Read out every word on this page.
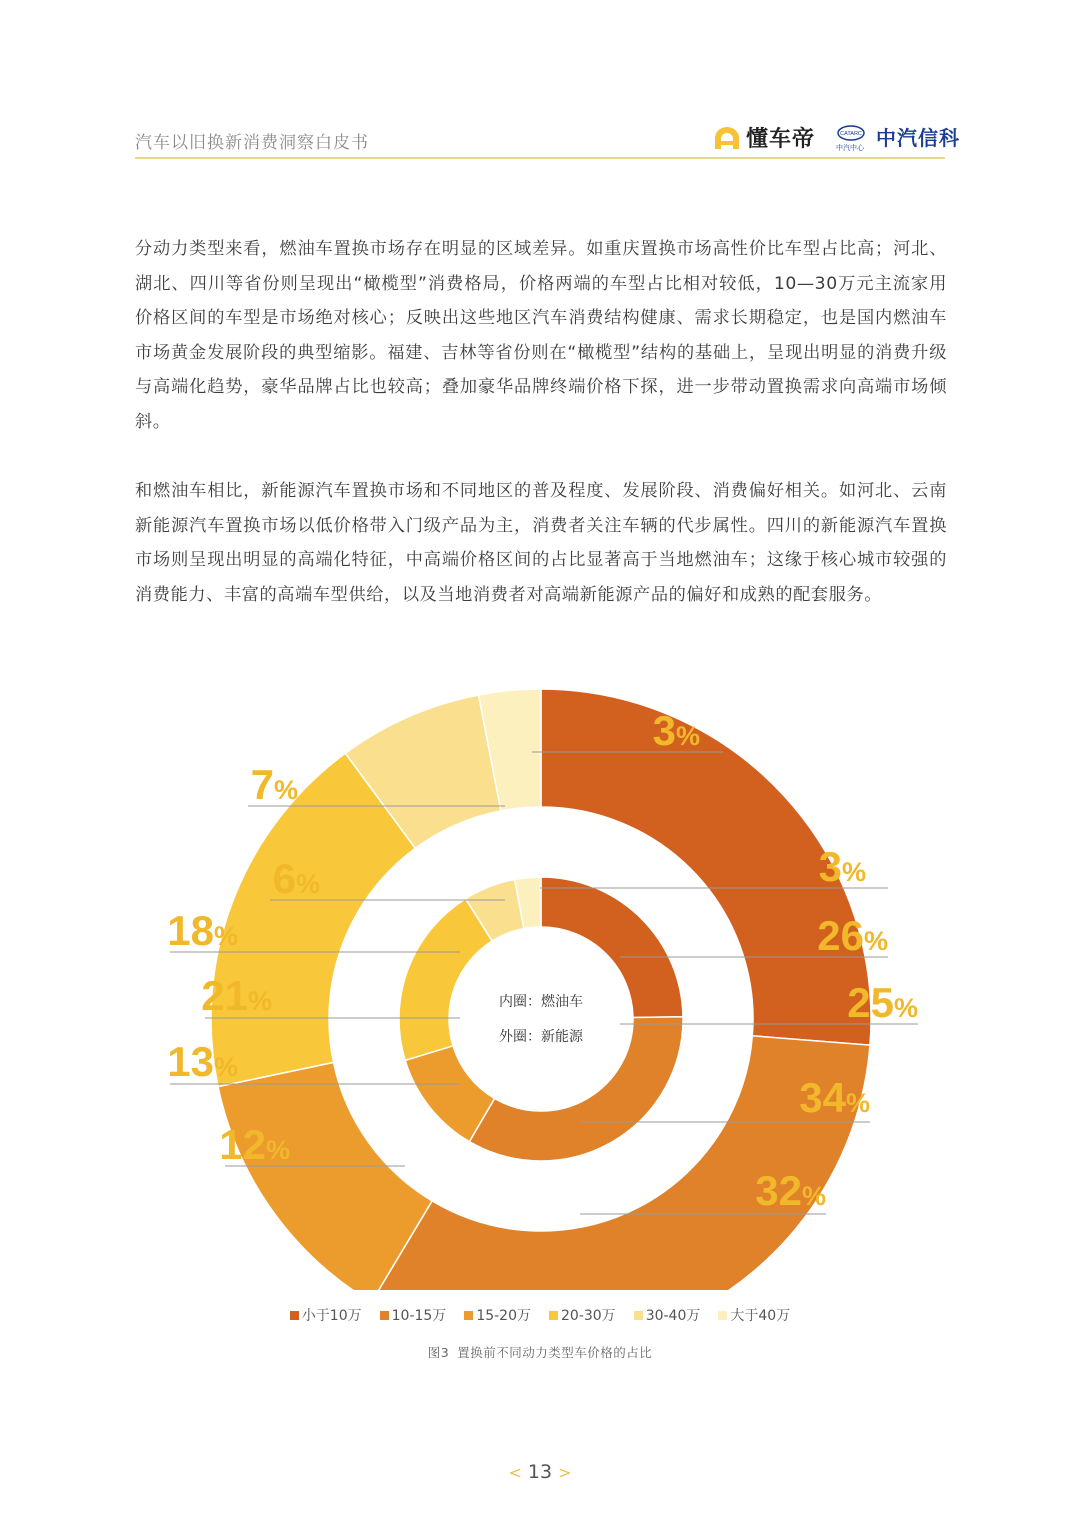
汽车以旧换新消费洞察白皮书	懂车帝	CATARC
中汽中心 中汽信科

分动力类型来看，燃油车置换市场存在明显的区域差异。如重庆置换市场高性价比车型占比高；河北、湖北、四川等省份则呈现出“橄榄型”消费格局，价格两端的车型占比相对较低，10—30万元主流家用价格区间的车型是市场绝对核心；反映出这些地区汽车消费结构健康、需求长期稳定，也是国内燃油车市场黄金发展阶段的典型缩影。福建、吉林等省份则在“橄榄型”结构的基础上，呈现出明显的消费升级与高端化趋势，豪华品牌占比也较高；叠加豪华品牌终端价格下探，进一步带动置换需求向高端市场倾斜。

和燃油车相比，新能源汽车置换市场和不同地区的普及程度、发展阶段、消费偏好相关。如河北、云南新能源汽车置换市场以低价格带入门级产品为主，消费者关注车辆的代步属性。四川的新能源汽车置换市场则呈现出明显的高端化特征，中高端价格区间的占比显著高于当地燃油车；这缘于核心城市较强的消费能力、丰富的高端车型供给，以及当地消费者对高端新能源产品的偏好和成熟的配套服务。

3%
3%
26%
25%
34%
32%
7%
6%
18%
21%
13%
12%
内圈：燃油车
外圈：新能源
小于10万 10-15万 15-20万 20-30万 30-40万 大于40万
图3 置换前不同动力类型车价格的占比
< 13 >
